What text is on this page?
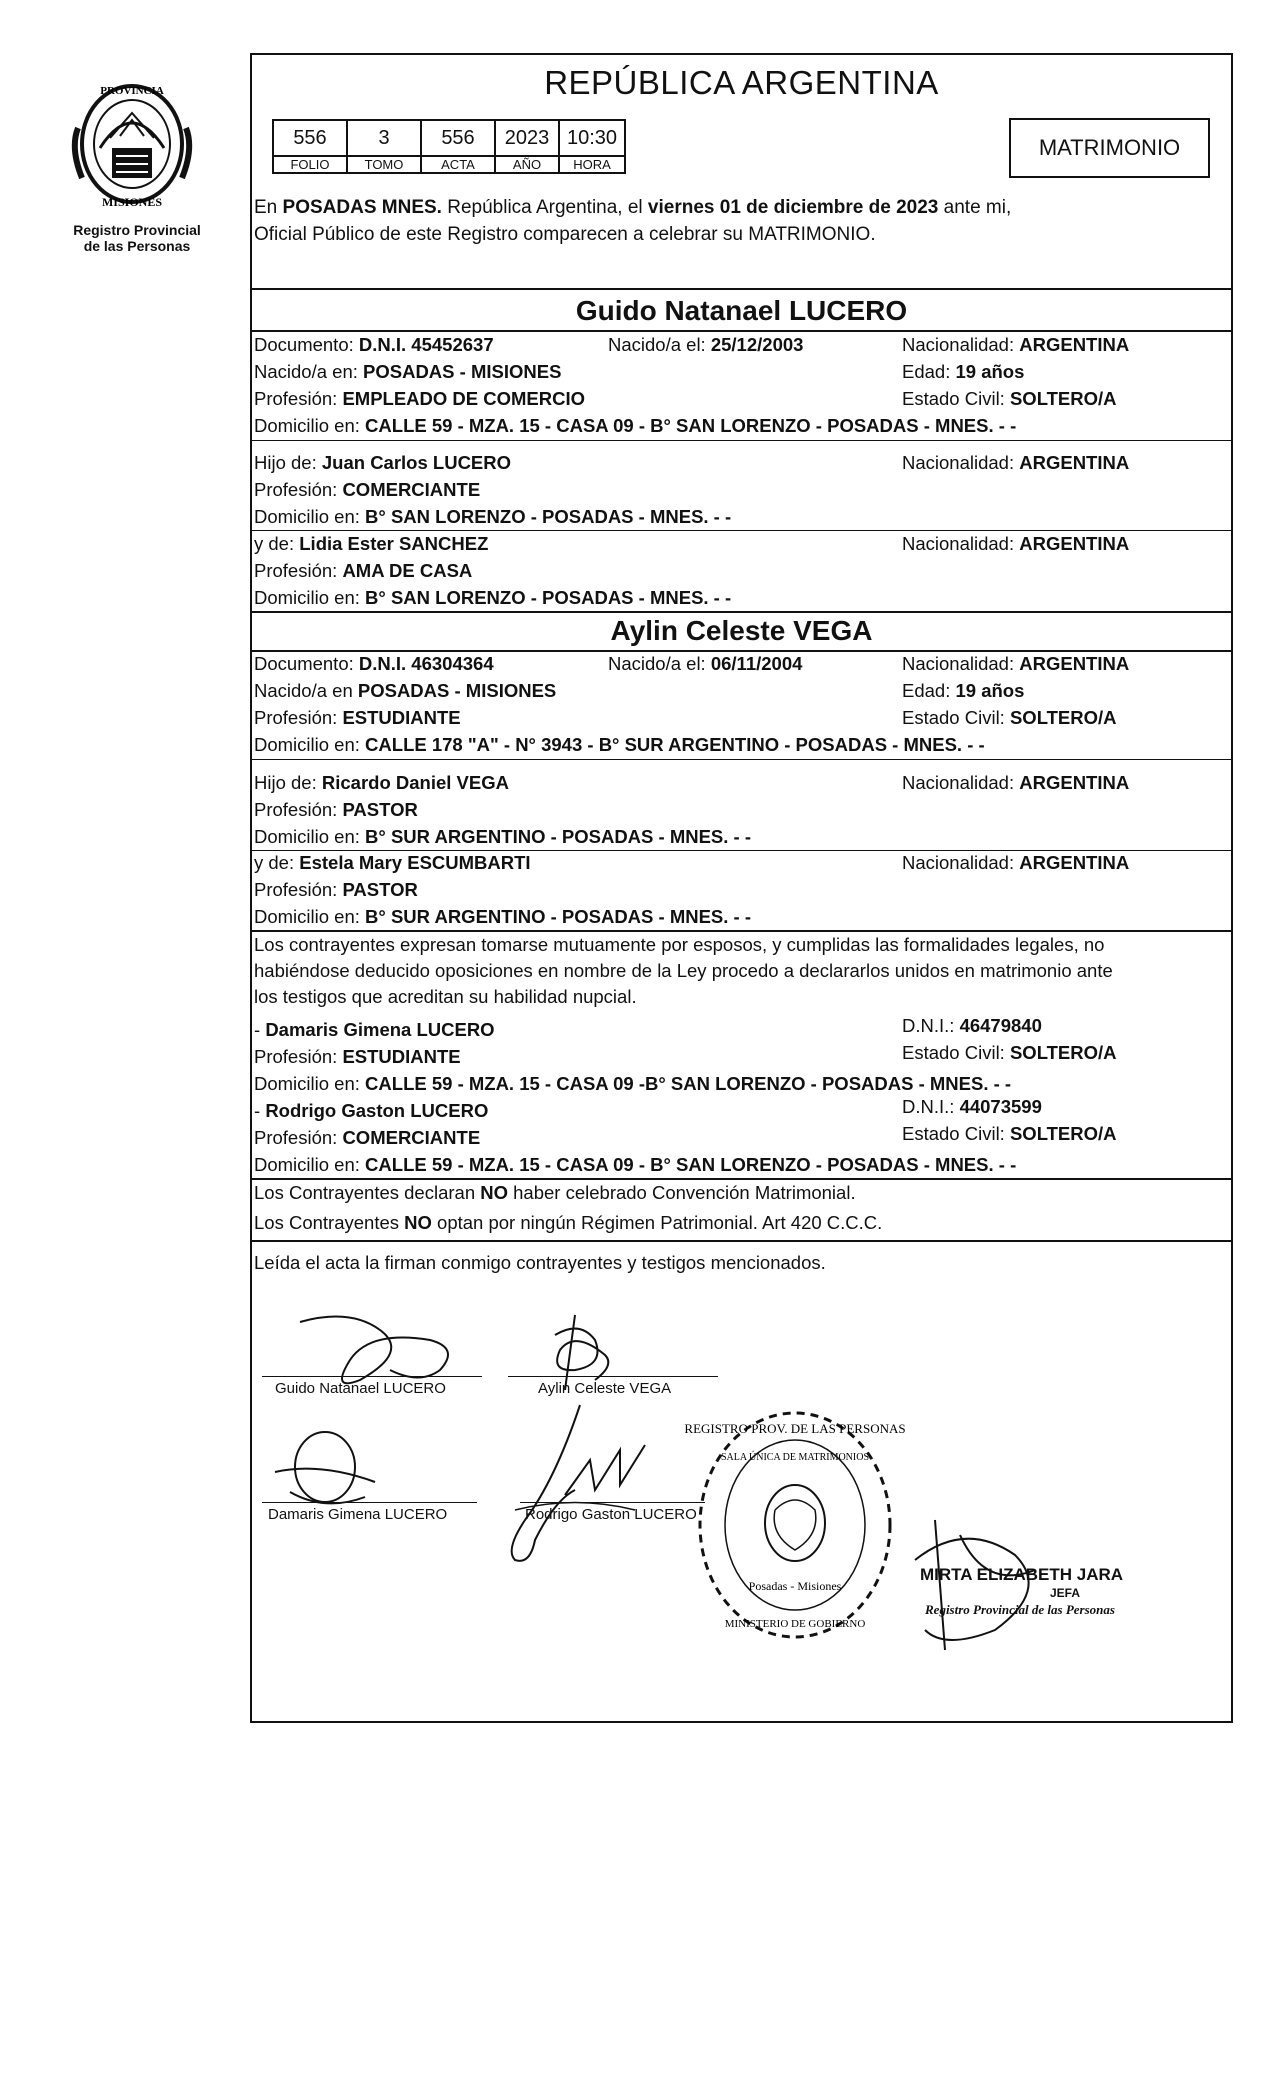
PROVINCIA
MISIONES
Registro Provincial
de las Personas
REPÚBLICA ARGENTINA
556	3	556	2023	10:30
FOLIO	TOMO	ACTA	AÑO	HORA
MATRIMONIO
En POSADAS MNES. República Argentina, el viernes 01 de diciembre de 2023 ante mi,
Oficial Público de este Registro comparecen a celebrar su MATRIMONIO.
Guido Natanael LUCERO
Documento: D.N.I. 45452637	Nacido/a el: 25/12/2003	Nacionalidad: ARGENTINA
Nacido/a en: POSADAS - MISIONES	Edad: 19 años
Profesión: EMPLEADO DE COMERCIO	Estado Civil: SOLTERO/A
Domicilio en: CALLE 59 - MZA. 15 - CASA 09 - B° SAN LORENZO - POSADAS - MNES. - -
Hijo de: Juan Carlos LUCERO	Nacionalidad: ARGENTINA
Profesión: COMERCIANTE
Domicilio en: B° SAN LORENZO - POSADAS - MNES. - -
y de: Lidia Ester SANCHEZ	Nacionalidad: ARGENTINA
Profesión: AMA DE CASA
Domicilio en: B° SAN LORENZO - POSADAS - MNES. - -
Aylin Celeste VEGA
Documento: D.N.I. 46304364	Nacido/a el: 06/11/2004	Nacionalidad: ARGENTINA
Nacido/a en POSADAS - MISIONES	Edad: 19 años
Profesión: ESTUDIANTE	Estado Civil: SOLTERO/A
Domicilio en: CALLE 178 "A" - N° 3943 - B° SUR ARGENTINO - POSADAS - MNES. - -
Hijo de: Ricardo Daniel VEGA	Nacionalidad: ARGENTINA
Profesión: PASTOR
Domicilio en: B° SUR ARGENTINO - POSADAS - MNES. - -
y de: Estela Mary ESCUMBARTI	Nacionalidad: ARGENTINA
Profesión: PASTOR
Domicilio en: B° SUR ARGENTINO - POSADAS - MNES. - -
Los contrayentes expresan tomarse mutuamente por esposos, y cumplidas las formalidades legales, no
habiéndose deducido oposiciones en nombre de la Ley procedo a declararlos unidos en matrimonio ante
los testigos que acreditan su habilidad nupcial.
- Damaris Gimena LUCERO	D.N.I.: 46479840
Profesión: ESTUDIANTE	Estado Civil: SOLTERO/A
Domicilio en: CALLE 59 - MZA. 15 - CASA 09 -B° SAN LORENZO - POSADAS - MNES. - -
- Rodrigo Gaston LUCERO	D.N.I.: 44073599
Profesión: COMERCIANTE	Estado Civil: SOLTERO/A
Domicilio en: CALLE 59 - MZA. 15 - CASA 09 - B° SAN LORENZO - POSADAS - MNES. - -
Los Contrayentes declaran NO haber celebrado Convención Matrimonial.
Los Contrayentes NO optan por ningún Régimen Patrimonial. Art 420 C.C.C.
Leída el acta la firman conmigo contrayentes y testigos mencionados.
Guido Natanael LUCERO	Aylin Celeste VEGA
Damaris Gimena LUCERO	Rodrigo Gaston LUCERO
REGISTRO PROV. DE LAS PERSONAS
SALA ÚNICA DE MATRIMONIOS
Posadas - Misiones
MINISTERIO DE GOBIERNO
MIRTA ELIZABETH JARA
JEFA
Registro Provincial de las Personas
